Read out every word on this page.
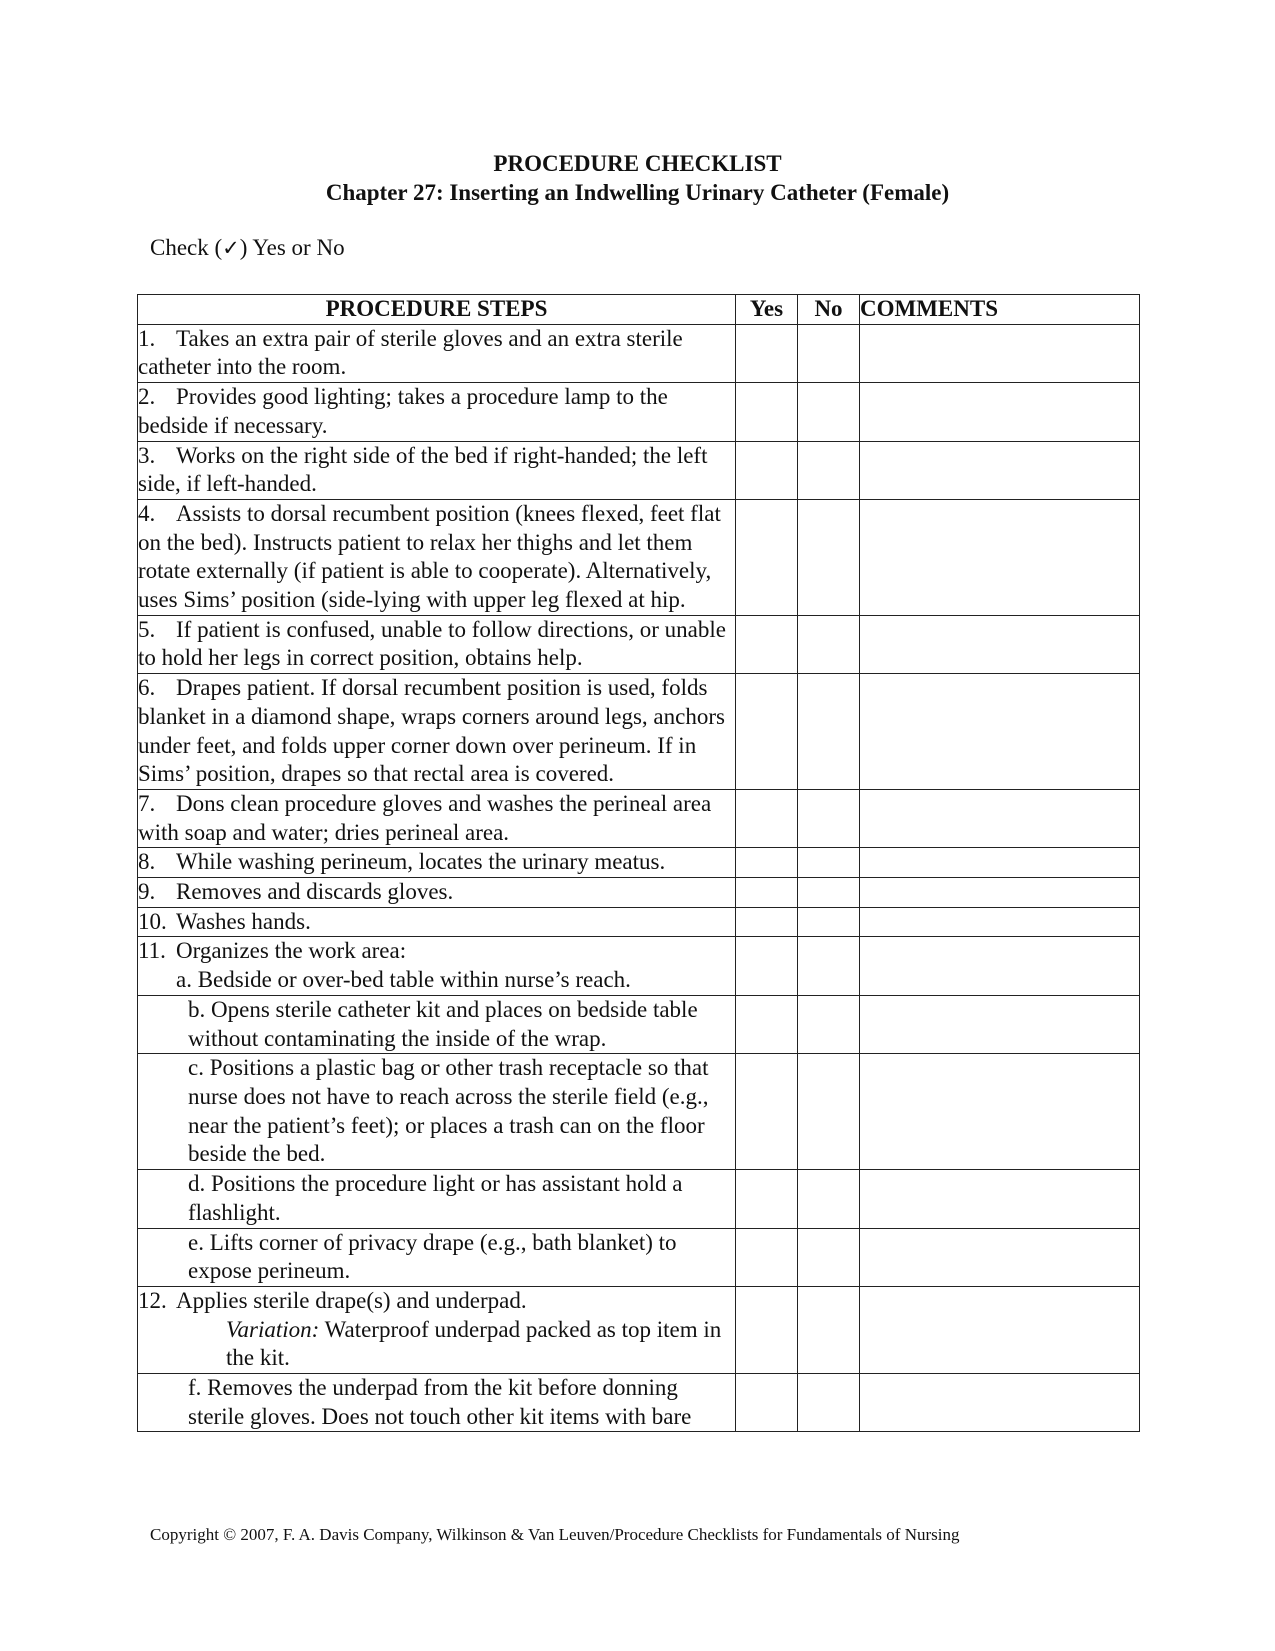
PROCEDURE CHECKLIST
Chapter 27: Inserting an Indwelling Urinary Catheter (Female)
Check (✓) Yes or No
PROCEDURE STEPS	Yes	No	COMMENTS
1. Takes an extra pair of sterile gloves and an extra sterile catheter into the room.			
2. Provides good lighting; takes a procedure lamp to the bedside if necessary.			
3. Works on the right side of the bed if right-handed; the left side, if left-handed.			
4. Assists to dorsal recumbent position (knees flexed, feet flat on the bed). Instructs patient to relax her thighs and let them rotate externally (if patient is able to cooperate). Alternatively, uses Sims’ position (side-lying with upper leg flexed at hip.			
5. If patient is confused, unable to follow directions, or unable to hold her legs in correct position, obtains help.			
6. Drapes patient. If dorsal recumbent position is used, folds blanket in a diamond shape, wraps corners around legs, anchors under feet, and folds upper corner down over perineum. If in Sims’ position, drapes so that rectal area is covered.			
7. Dons clean procedure gloves and washes the perineal area with soap and water; dries perineal area.			
8. While washing perineum, locates the urinary meatus.			
9. Removes and discards gloves.			
10. Washes hands.			
11. Organizes the work area:
a. Bedside or over-bed table within nurse’s reach.			

b. Opens sterile catheter kit and places on bedside table without contaminating the inside of the wrap.			
c. Positions a plastic bag or other trash receptacle so that nurse does not have to reach across the sterile field (e.g., near the patient’s feet); or places a trash can on the floor beside the bed.			
d. Positions the procedure light or has assistant hold a flashlight.			
e. Lifts corner of privacy drape (e.g., bath blanket) to expose perineum.			
12. Applies sterile drape(s) and underpad.
Variation: Waterproof underpad packed as top item in the kit.			

f. Removes the underpad from the kit before donning sterile gloves. Does not touch other kit items with bare			
Copyright © 2007, F. A. Davis Company, Wilkinson & Van Leuven/Procedure Checklists for Fundamentals of Nursing
